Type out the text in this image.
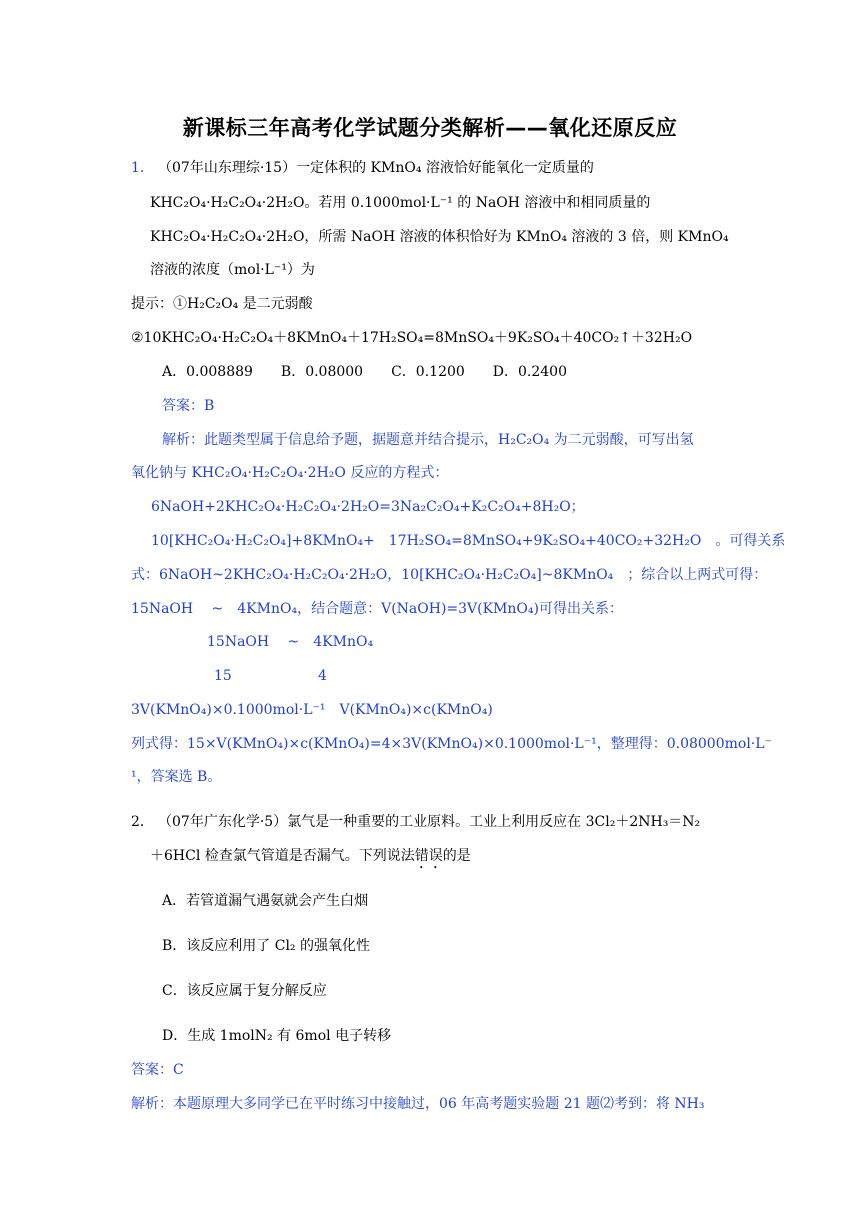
新课标三年高考化学试题分类解析——氧化还原反应
1． （07年山东理综·15）一定体积的 KMnO₄ 溶液恰好能氧化一定质量的
KHC₂O₄·H₂C₂O₄·2H₂O。若用 0.1000mol·L⁻¹ 的 NaOH 溶液中和相同质量的
KHC₂O₄·H₂C₂O₄·2H₂O，所需 NaOH 溶液的体积恰好为 KMnO₄ 溶液的 3 倍，则 KMnO₄
溶液的浓度（mol·L⁻¹）为
提示：①H₂C₂O₄ 是二元弱酸
②10KHC₂O₄·H₂C₂O₄＋8KMnO₄＋17H₂SO₄=8MnSO₄＋9K₂SO₄＋40CO₂↑＋32H₂O
A．0.008889　　B．0.08000　　C．0.1200　　D．0.2400
答案：B
解析：此题类型属于信息给予题，据题意并结合提示，H₂C₂O₄ 为二元弱酸，可写出氢
氧化钠与 KHC₂O₄·H₂C₂O₄·2H₂O 反应的方程式：
6NaOH+2KHC₂O₄·H₂C₂O₄·2H₂O=3Na₂C₂O₄+K₂C₂O₄+8H₂O；
10[KHC₂O₄·H₂C₂O₄]+8KMnO₄+　17H₂SO₄=8MnSO₄+9K₂SO₄+40CO₂+32H₂O　。可得关系
式：6NaOH~2KHC₂O₄·H₂C₂O₄·2H₂O，10[KHC₂O₄·H₂C₂O₄]~8KMnO₄　；综合以上两式可得：
15NaOH　 ~　4KMnO₄，结合题意：V(NaOH)=3V(KMnO₄)可得出关系：
15NaOH　 ~　4KMnO₄
15	4
3V(KMnO₄)×0.1000mol·L⁻¹　V(KMnO₄)×c(KMnO₄)
列式得：15×V(KMnO₄)×c(KMnO₄)=4×3V(KMnO₄)×0.1000mol·L⁻¹，整理得：0.08000mol·L⁻
¹，答案选 B。
2． （07年广东化学·5）氯气是一种重要的工业原料。工业上利用反应在 3Cl₂＋2NH₃＝N₂
＋6HCl 检查氯气管道是否漏气。下列说法错误的是
A．若管道漏气遇氨就会产生白烟
B．该反应利用了 Cl₂ 的强氧化性
C．该反应属于复分解反应
D．生成 1molN₂ 有 6mol 电子转移
答案：C
解析：本题原理大多同学已在平时练习中接触过，06 年高考题实验题 21 题⑵考到：将 NH₃
